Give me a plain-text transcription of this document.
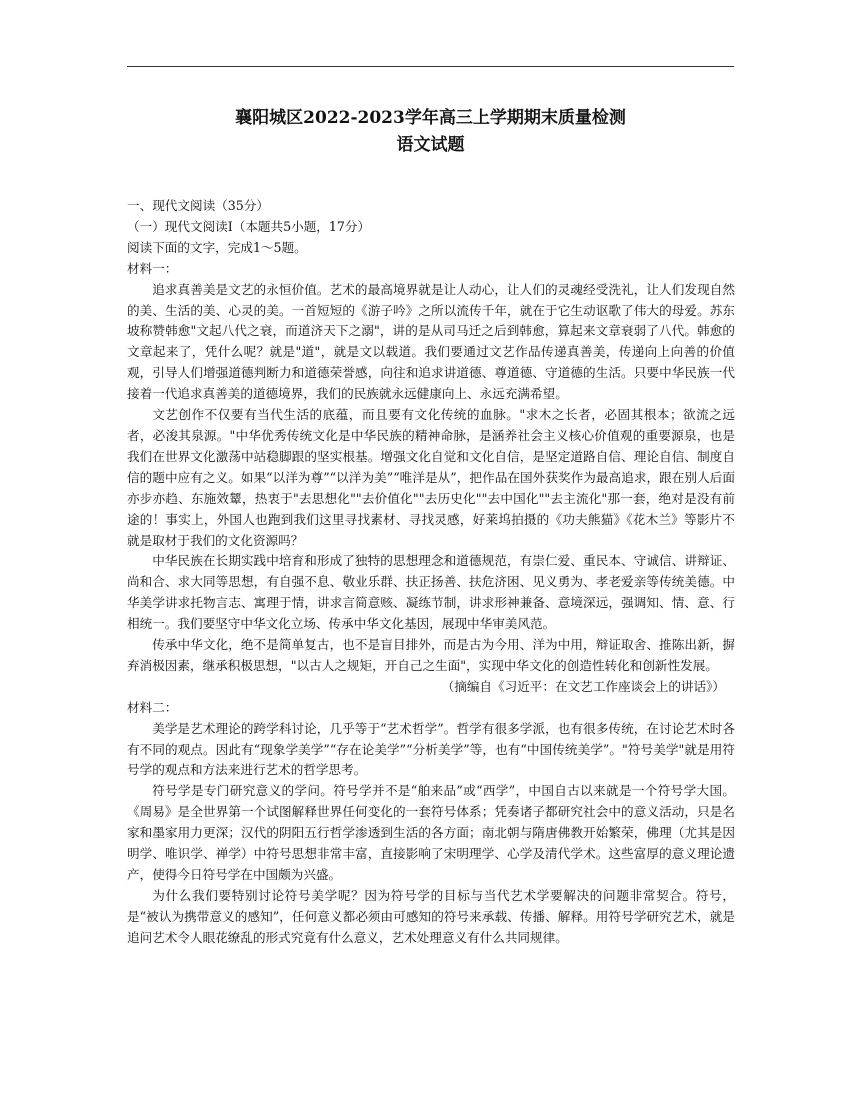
襄阳城区2022-2023学年高三上学期期末质量检测
语文试题
一、现代文阅读（35分）
（一）现代文阅读Ⅰ（本题共5小题，17分）
阅读下面的文字，完成1～5题。
材料一：

追求真善美是文艺的永恒价值。艺术的最高境界就是让人动心，让人们的灵魂经受洗礼，让人们发现自然的美、生活的美、心灵的美。一首短短的《游子吟》之所以流传千年，就在于它生动讴歌了伟大的母爱。苏东坡称赞韩愈"文起八代之衰，而道济天下之溺"，讲的是从司马迁之后到韩愈，算起来文章衰弱了八代。韩愈的文章起来了，凭什么呢？就是"道"，就是文以载道。我们要通过文艺作品传递真善美，传递向上向善的价值观，引导人们增强道德判断力和道德荣誉感，向往和追求讲道德、尊道德、守道德的生活。只要中华民族一代接着一代追求真善美的道德境界，我们的民族就永远健康向上、永远充满希望。

文艺创作不仅要有当代生活的底蕴，而且要有文化传统的血脉。"求木之长者，必固其根本；欲流之远者，必浚其泉源。"中华优秀传统文化是中华民族的精神命脉，是涵养社会主义核心价值观的重要源泉，也是我们在世界文化激荡中站稳脚跟的坚实根基。增强文化自觉和文化自信，是坚定道路自信、理论自信、制度自信的题中应有之义。如果“以洋为尊”“以洋为美”“唯洋是从”，把作品在国外获奖作为最高追求，跟在别人后面亦步亦趋、东施效颦，热衷于"去思想化""去价值化""去历史化""去中国化""去主流化"那一套，绝对是没有前途的！事实上，外国人也跑到我们这里寻找素材、寻找灵感，好莱坞拍摄的《功夫熊猫》《花木兰》等影片不就是取材于我们的文化资源吗？

中华民族在长期实践中培育和形成了独特的思想理念和道德规范，有崇仁爱、重民本、守诚信、讲辩证、尚和合、求大同等思想，有自强不息、敬业乐群、扶正扬善、扶危济困、见义勇为、孝老爱亲等传统美德。中华美学讲求托物言志、寓理于情，讲求言简意赅、凝练节制，讲求形神兼备、意境深远，强调知、情、意、行相统一。我们要坚守中华文化立场、传承中华文化基因，展现中华审美风范。

传承中华文化，绝不是简单复古，也不是盲目排外，而是古为今用、洋为中用，辩证取舍、推陈出新，摒弃消极因素，继承积极思想，"以古人之规矩，开自己之生面"，实现中华文化的创造性转化和创新性发展。

（摘编自《习近平：在文艺工作座谈会上的讲话》）
材料二：

美学是艺术理论的跨学科讨论，几乎等于“艺术哲学”。哲学有很多学派，也有很多传统，在讨论艺术时各有不同的观点。因此有“现象学美学”“存在论美学”“分析美学”等，也有“中国传统美学”。"符号美学"就是用符号学的观点和方法来进行艺术的哲学思考。

符号学是专门研究意义的学问。符号学并不是“舶来品”或“西学”，中国自古以来就是一个符号学大国。《周易》是全世界第一个试图解释世界任何变化的一套符号体系；凭奏诸子都研究社会中的意义活动，只是名家和墨家用力更深；汉代的阴阳五行哲学渗透到生活的各方面；南北朝与隋唐佛教开始繁荣，佛理（尤其是因明学、唯识学、禅学）中符号思想非常丰富，直接影响了宋明理学、心学及清代学术。这些富厚的意义理论遗产，使得今日符号学在中国颇为兴盛。

为什么我们要特别讨论符号美学呢？因为符号学的目标与当代艺术学要解决的问题非常契合。符号，是“被认为携带意义的感知”，任何意义都必须由可感知的符号来承载、传播、解释。用符号学研究艺术，就是追问艺术令人眼花缭乱的形式究竟有什么意义，艺术处理意义有什么共同规律。
